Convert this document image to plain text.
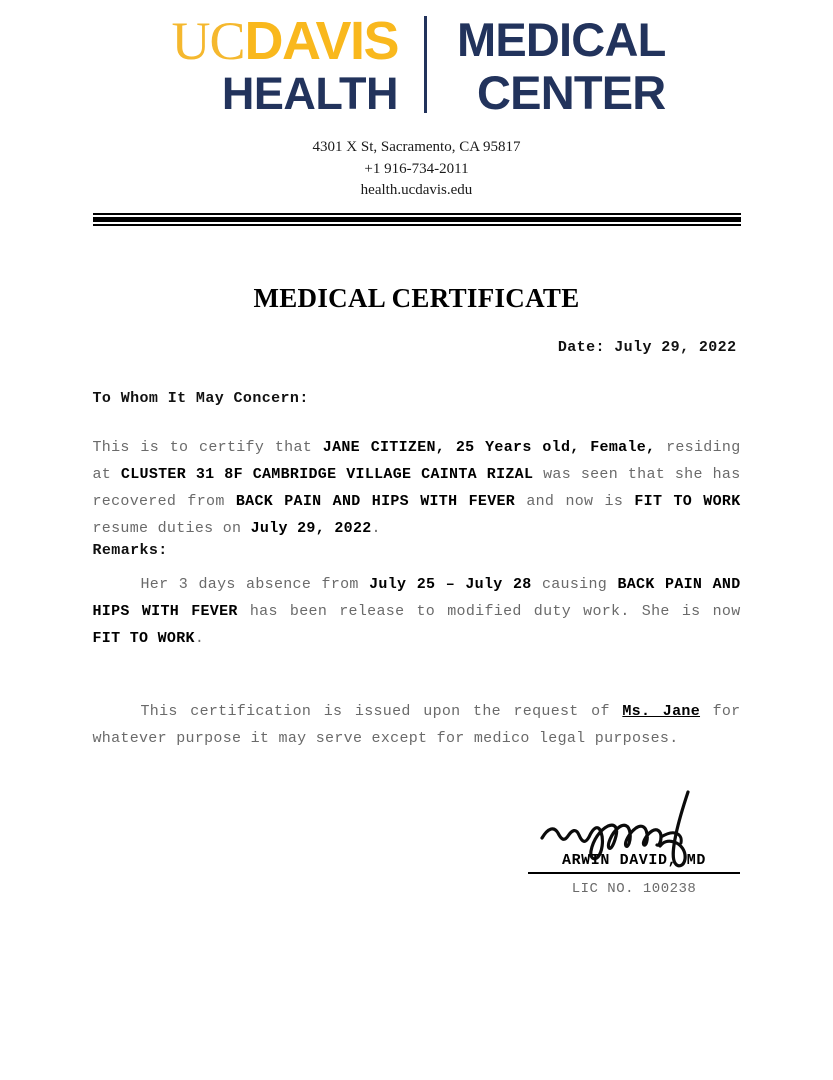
UCDAVIS
HEALTH
MEDICAL
CENTER
4301 X St, Sacramento, CA 95817
+1 916-734-2011
health.ucdavis.edu
MEDICAL CERTIFICATE
Date: July 29, 2022
To Whom It May Concern:

This is to certify that JANE CITIZEN, 25 Years old, Female, residing at CLUSTER 31 8F CAMBRIDGE VILLAGE CAINTA RIZAL was seen that she has recovered from BACK PAIN AND HIPS WITH FEVER and now is FIT TO WORK resume duties on July 29, 2022.

Remarks:

Her 3 days absence from July 25 – July 28 causing BACK PAIN AND HIPS WITH FEVER has been release to modified duty work. She is now FIT TO WORK.

This certification is issued upon the request of Ms. Jane for whatever purpose it may serve except for medico legal purposes.

ARWIN DAVID, MD
LIC NO. 100238
